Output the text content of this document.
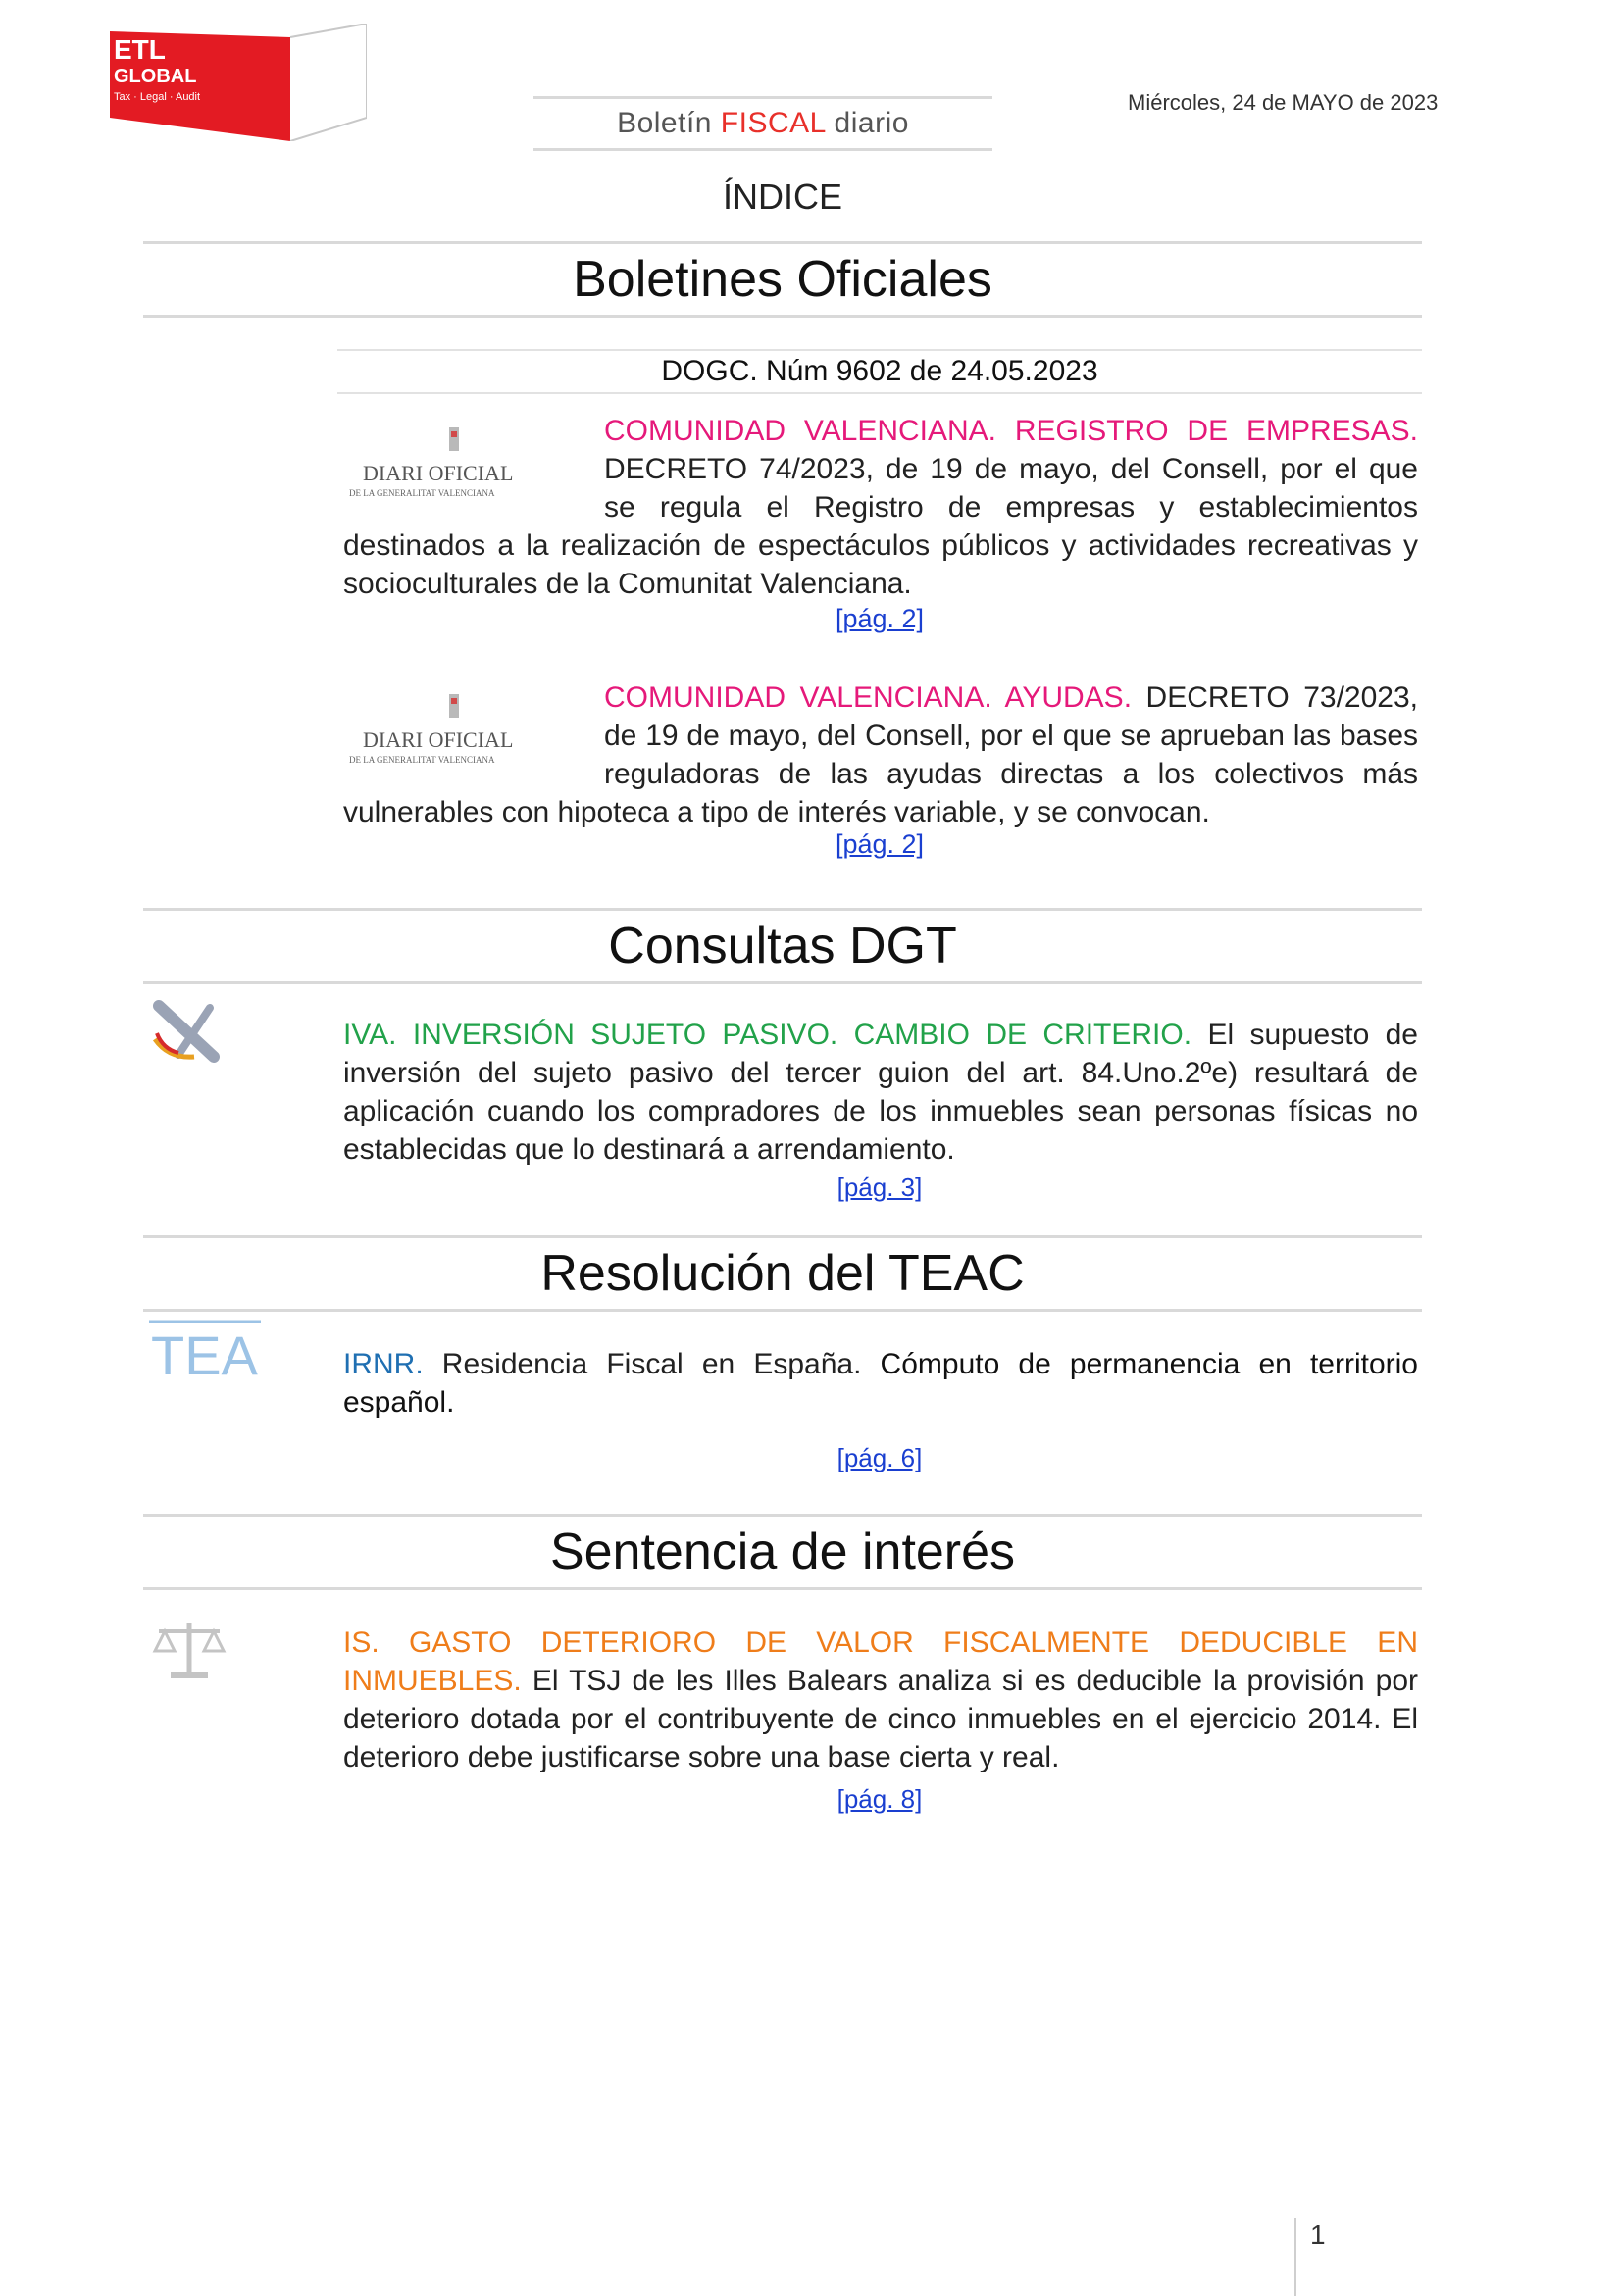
ETL
GLOBAL
Tax · Legal · Audit
Boletín FISCAL diario
Miércoles, 24 de MAYO de 2023
ÍNDICE
Boletines Oficiales
DOGC. Núm 9602 de 24.05.2023
DIARI OFICIAL
DE LA GENERALITAT VALENCIANA
COMUNIDAD VALENCIANA. REGISTRO DE EMPRESAS. DECRETO 74/2023, de 19 de mayo, del Consell, por el que se regula el Registro de empresas y establecimientos destinados a la realización de espectáculos públicos y actividades recreativas y socioculturales de la Comunitat Valenciana.
[pág. 2]
DIARI OFICIAL
DE LA GENERALITAT VALENCIANA
COMUNIDAD VALENCIANA. AYUDAS. DECRETO 73/2023, de 19 de mayo, del Consell, por el que se aprueban las bases reguladoras de las ayudas directas a los colectivos más vulnerables con hipoteca a tipo de interés variable, y se convocan.
[pág. 2]
Consultas DGT
IVA. INVERSIÓN SUJETO PASIVO. CAMBIO DE CRITERIO. El supuesto de inversión del sujeto pasivo del tercer guion del art. 84.Uno.2ºe) resultará de aplicación cuando los compradores de los inmuebles sean personas físicas no establecidas que lo destinará a arrendamiento.
[pág. 3]
Resolución del TEAC
TEA	IRNR. Residencia Fiscal en España. Cómputo de permanencia en territorio español.
[pág. 6]
Sentencia de interés
IS. GASTO DETERIORO DE VALOR FISCALMENTE DEDUCIBLE EN INMUEBLES. El TSJ de les Illes Balears analiza si es deducible la provisión por deterioro dotada por el contribuyente de cinco inmuebles en el ejercicio 2014. El deterioro debe justificarse sobre una base cierta y real.
[pág. 8]
1
